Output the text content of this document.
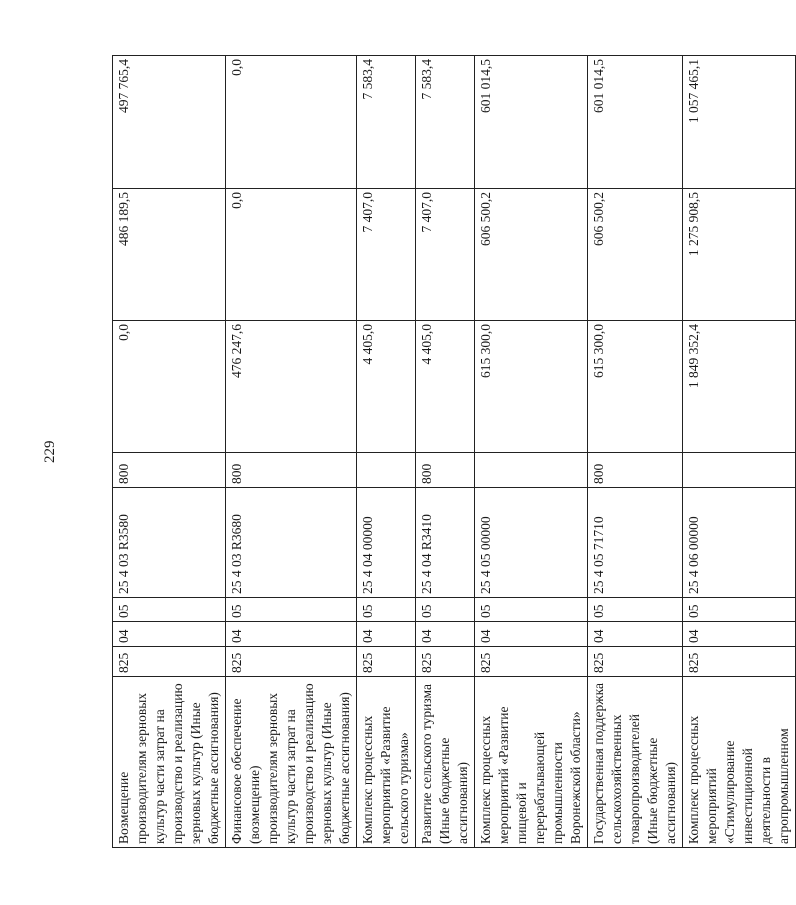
229
Возмещение производителям зерновых культур части затрат на производство и реализацию зерновых культур (Иные бюджетные ассигнования)	825	04	05	25 4 03 R3580	800	0,0	486 189,5	497 765,4
Финансовое обеспечение (возмещение) производителям зерновых культур части затрат на производство и реализацию зерновых культур (Иные бюджетные ассигнования)	825	04	05	25 4 03 R3680	800	476 247,6	0,0	0,0
Комплекс процессных мероприятий «Развитие сельского туризма»	825	04	05	25 4 04 00000		4 405,0	7 407,0	7 583,4
Развитие сельского туризма (Иные бюджетные ассигнования)	825	04	05	25 4 04 R3410	800	4 405,0	7 407,0	7 583,4
Комплекс процессных мероприятий «Развитие пищевой и перерабатывающей промышленности Воронежской области»	825	04	05	25 4 05 00000		615 300,0	606 500,2	601 014,5
Государственная поддержка сельскохозяйственных товаропроизводителей (Иные бюджетные ассигнования)	825	04	05	25 4 05 71710	800	615 300,0	606 500,2	601 014,5
Комплекс процессных мероприятий «Стимулирование инвестиционной деятельности в агропромышленном	825	04	05	25 4 06 00000		1 849 352,4	1 275 908,5	1 057 465,1
